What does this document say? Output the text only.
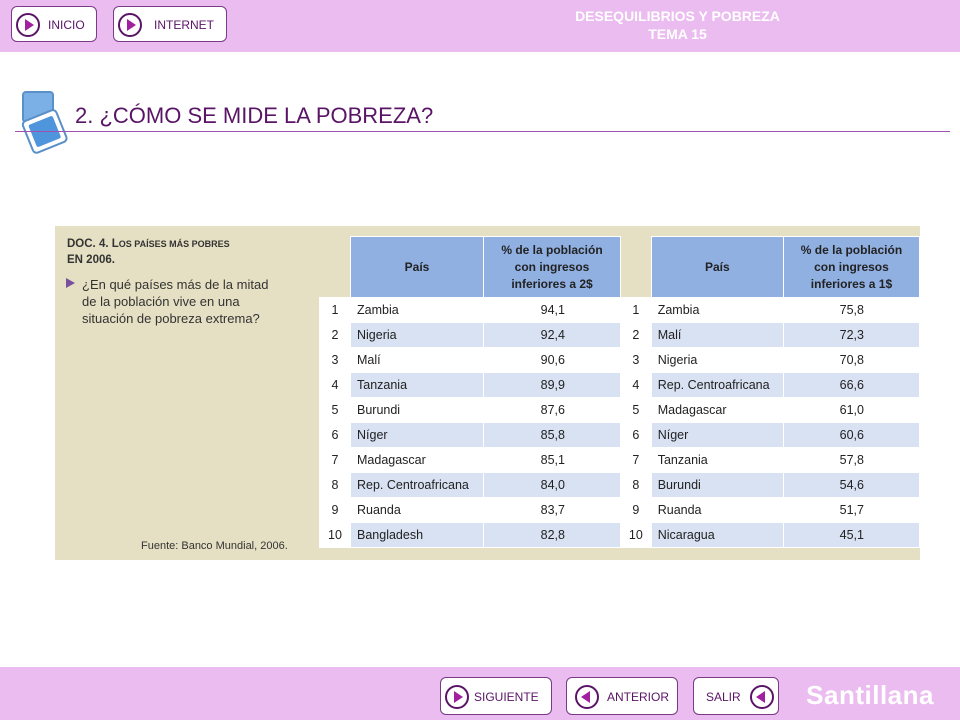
INICIO	INTERNET
DESEQUILIBRIOS Y POBREZA
TEMA 15
2. ¿CÓMO SE MIDE LA POBREZA?
DOC. 4. LOS PAÍSES MÁS POBRES
EN 2006.
¿En qué países más de la mitad de la población vive en una situación de pobreza extrema?
Fuente: Banco Mundial, 2006.
	País	% de la población con ingresos inferiores a 2$
1	Zambia	94,1
2	Nigeria	92,4
3	Malí	90,6
4	Tanzania	89,9
5	Burundi	87,6
6	Níger	85,8
7	Madagascar	85,1
8	Rep. Centroafricana	84,0
9	Ruanda	83,7
10	Bangladesh	82,8
	País	% de la población con ingresos inferiores a 1$
1	Zambia	75,8
2	Malí	72,3
3	Nigeria	70,8
4	Rep. Centroafricana	66,6
5	Madagascar	61,0
6	Níger	60,6
7	Tanzania	57,8
8	Burundi	54,6
9	Ruanda	51,7
10	Nicaragua	45,1
SIGUIENTE	ANTERIOR	SALIR	Santillana
